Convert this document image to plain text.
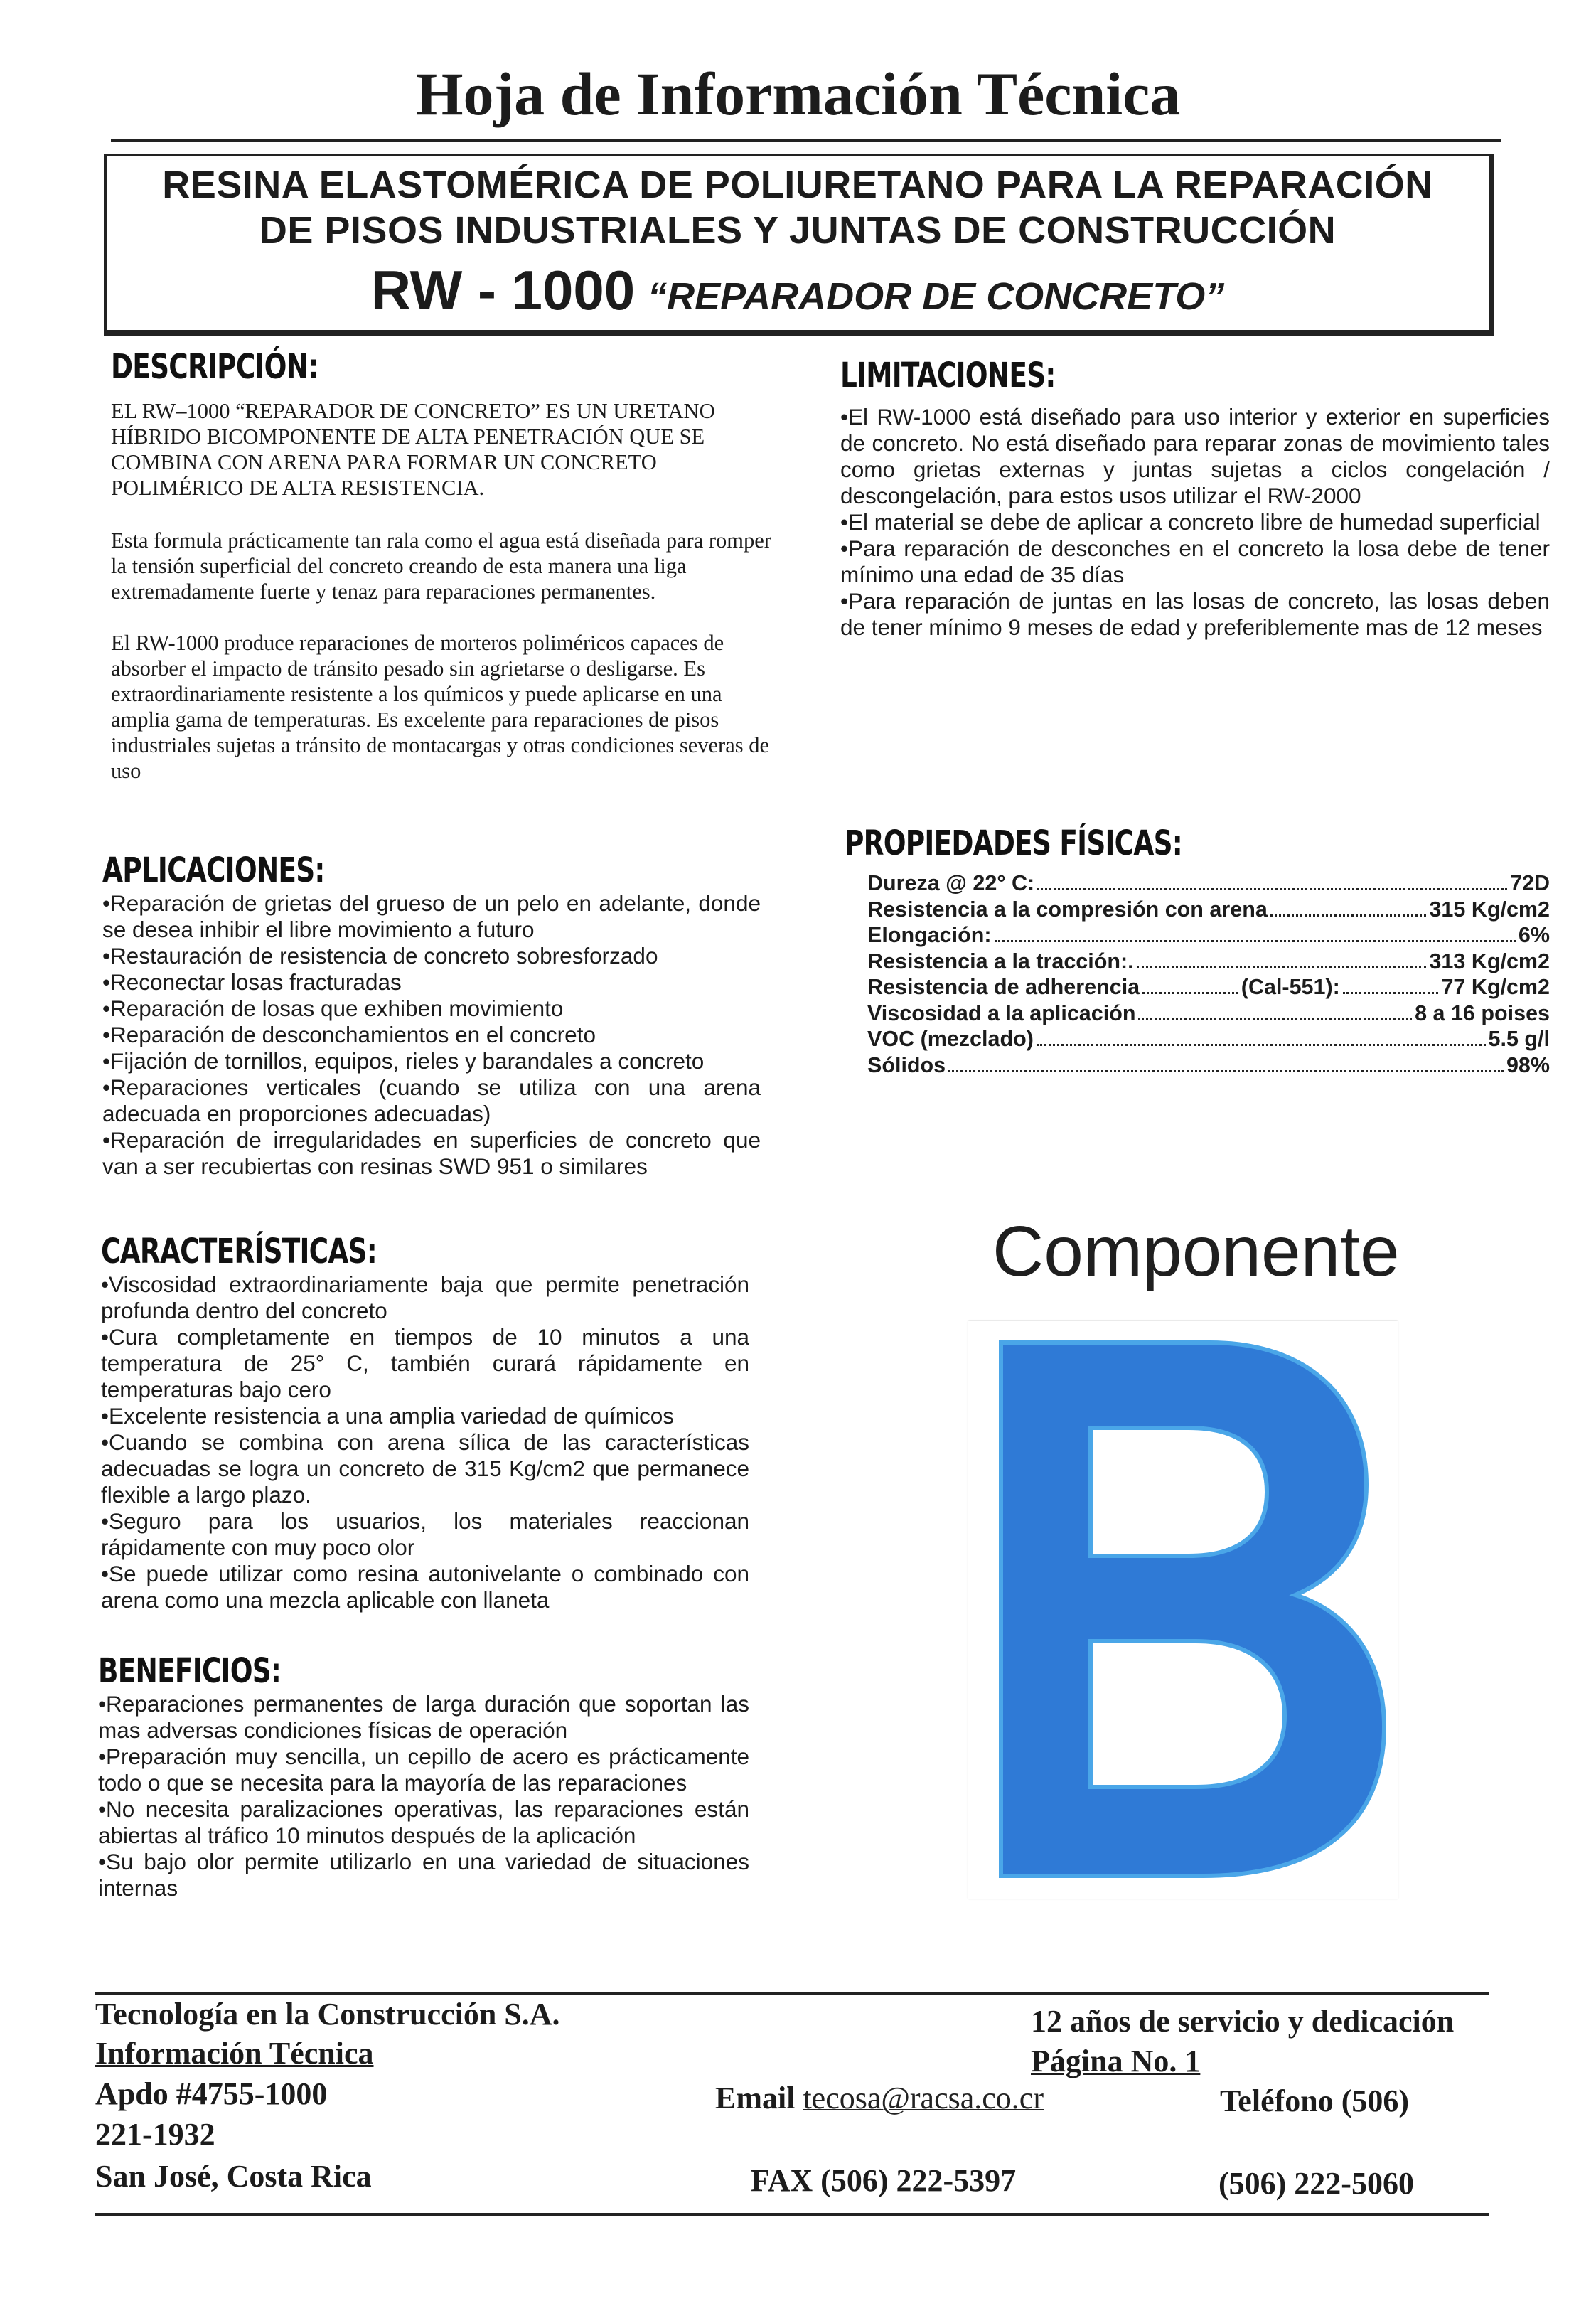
Hoja de Información Técnica
RESINA ELASTOMÉRICA DE POLIURETANO PARA LA REPARACIÓN
DE PISOS INDUSTRIALES Y JUNTAS DE CONSTRUCCIÓN
RW - 1000 “REPARADOR DE CONCRETO”
DESCRIPCIÓN:

EL RW–1000 “REPARADOR DE CONCRETO” ES UN URETANO HÍBRIDO BICOMPONENTE DE ALTA PENETRACIÓN QUE SE COMBINA CON ARENA PARA FORMAR UN CONCRETO POLIMÉRICO DE ALTA RESISTENCIA.

Esta formula prácticamente tan rala como el agua está diseñada para romper la tensión superficial del concreto creando de esta manera una liga extremadamente fuerte y tenaz para reparaciones permanentes.

El RW-1000 produce reparaciones de morteros poliméricos capaces de absorber el impacto de tránsito pesado sin agrietarse o desligarse. Es extraordinariamente resistente a los químicos y puede aplicarse en una amplia gama de temperaturas. Es excelente para reparaciones de pisos industriales sujetas a tránsito de montacargas y otras condiciones severas de uso

APLICACIONES:
• Reparación de grietas del grueso de un pelo en adelante, donde se desea inhibir el libre movimiento a futuro
• Restauración de resistencia de concreto sobresforzado
• Reconectar losas fracturadas
• Reparación de losas que exhiben movimiento
• Reparación de desconchamientos en el concreto
• Fijación de tornillos, equipos, rieles y barandales a concreto
• Reparaciones verticales (cuando se utiliza con una arena adecuada en proporciones adecuadas)
• Reparación de irregularidades en superficies de concreto que van a ser recubiertas con resinas SWD 951 o similares
CARACTERÍSTICAS:
• Viscosidad extraordinariamente baja que permite penetración profunda dentro del concreto
• Cura completamente en tiempos de 10 minutos a una temperatura de 25° C, también curará rápidamente en temperaturas bajo cero
• Excelente resistencia a una amplia variedad de químicos
• Cuando se combina con arena sílica de las características adecuadas se logra un concreto de 315 Kg/cm2 que permanece flexible a largo plazo.
• Seguro para los usuarios, los materiales reaccionan rápidamente con muy poco olor
• Se puede utilizar como resina autonivelante o combinado con arena como una mezcla aplicable con llaneta
BENEFICIOS:
• Reparaciones permanentes de larga duración que soportan las mas adversas condiciones físicas de operación
• Preparación muy sencilla, un cepillo de acero es prácticamente todo o que se necesita para la mayoría de las reparaciones
• No necesita paralizaciones operativas, las reparaciones están abiertas al tráfico 10 minutos después de la aplicación
• Su bajo olor permite utilizarlo en una variedad de situaciones internas
LIMITACIONES:
• El RW-1000 está diseñado para uso interior y exterior en superficies de concreto. No está diseñado para reparar zonas de movimiento tales como grietas externas y juntas sujetas a ciclos congelación / descongelación, para estos usos utilizar el RW-2000
• El material se debe de aplicar a concreto libre de humedad superficial
• Para reparación de desconches en el concreto la losa debe de tener mínimo una edad de 35 días
• Para reparación de juntas en las losas de concreto, las losas deben de tener mínimo 9 meses de edad y preferiblemente mas de 12 meses
PROPIEDADES FÍSICAS:
Dureza @ 22° C:	72D
Resistencia a la compresión con arena	315 Kg/cm2
Elongación:	6%
Resistencia a la tracción:.	313 Kg/cm2
Resistencia de adherencia	(Cal-551):	77 Kg/cm2
Viscosidad a la aplicación	8 a 16 poises
VOC (mezclado)	5.5 g/l
Sólidos	98%
Componente
Tecnología en la Construcción S.A.
Información Técnica
Apdo #4755-1000
221-1932
San José, Costa Rica
12 años de servicio y dedicación
Página No. 1
Email tecosa@racsa.co.cr	Teléfono (506)
FAX (506) 222-5397	(506) 222-5060
